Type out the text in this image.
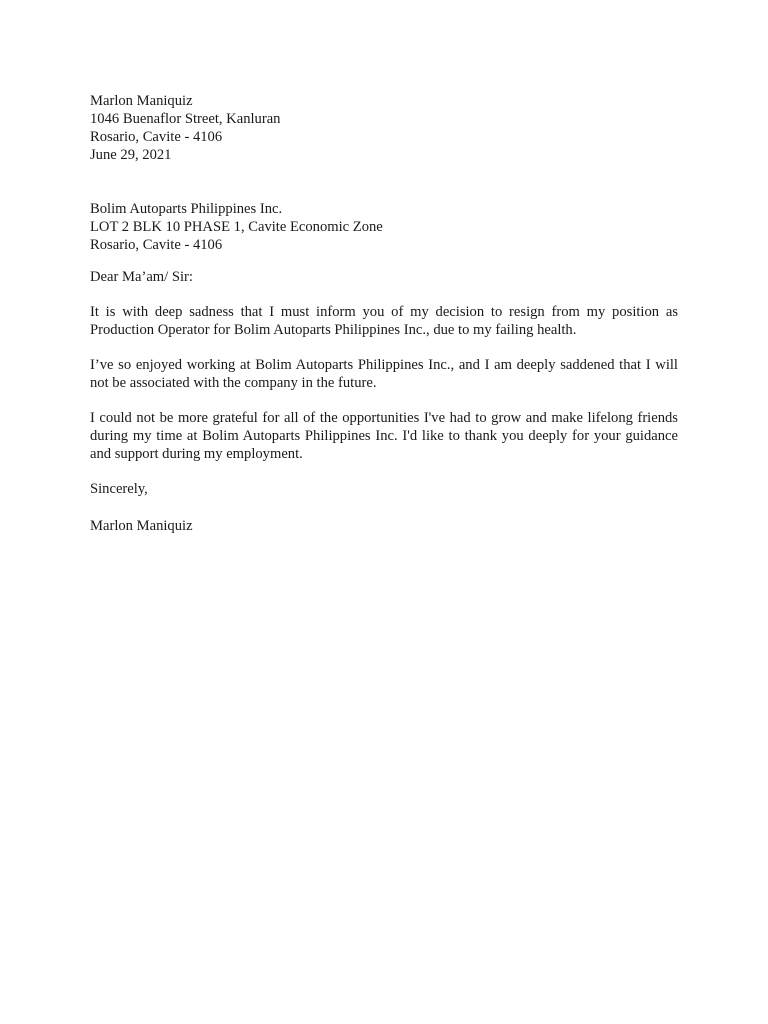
Marlon Maniquiz
1046 Buenaflor Street, Kanluran
Rosario, Cavite - 4106
June 29, 2021
Bolim Autoparts Philippines Inc.
LOT 2 BLK 10 PHASE 1, Cavite Economic Zone
Rosario, Cavite - 4106
Dear Ma’am/ Sir:

It is with deep sadness that I must inform you of my decision to resign from my position as Production Operator for Bolim Autoparts Philippines Inc., due to my failing health.

I’ve so enjoyed working at Bolim Autoparts Philippines Inc., and I am deeply saddened that I will not be associated with the company in the future.

I could not be more grateful for all of the opportunities I've had to grow and make lifelong friends during my time at Bolim Autoparts Philippines Inc. I'd like to thank you deeply for your guidance and support during my employment.

Sincerely,
Marlon Maniquiz
